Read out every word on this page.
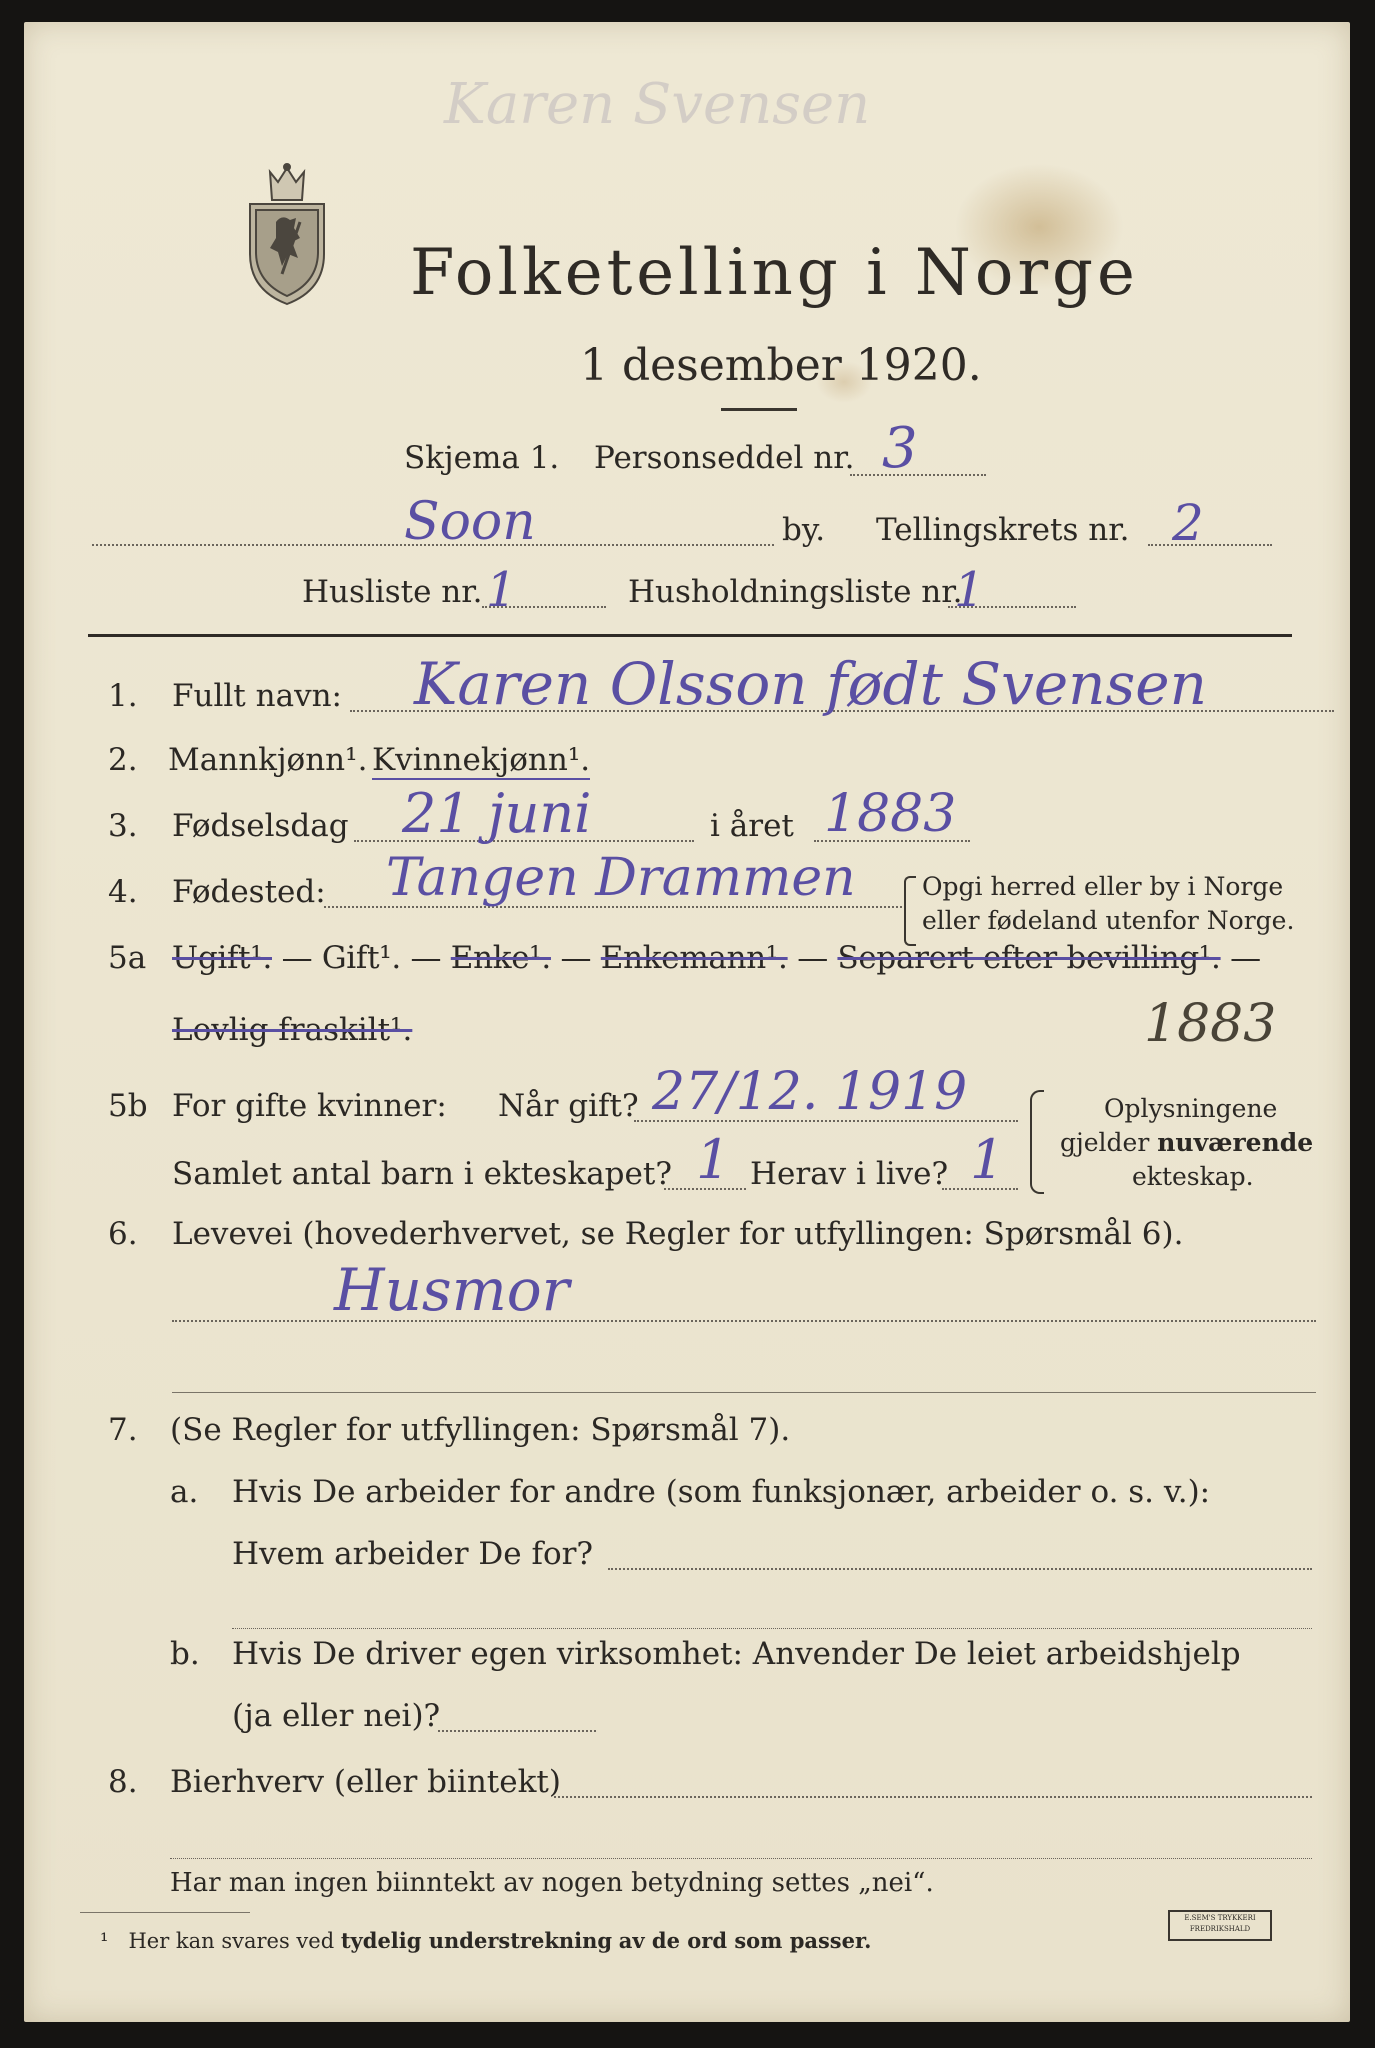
Karen Svensen
Folketelling i Norge
1 desember 1920.
Skjema 1. Personseddel nr. 3
Soon	by. Tellingskrets nr. 2
Husliste nr. 1	Husholdningsliste nr.
1
1. Fullt navn: Karen Olsson født Svensen
2. Mannkjønn¹. Kvinnekjønn¹.
3. Fødselsdag 21 juni	i året 1883
4. Fødested: Tangen Drammen	Opgi herred eller by i Norge
eller fødeland utenfor Norge.
5a Ugift¹. — Gift¹. — Enke¹. — Enkemann¹. — Separert efter bevilling¹. —
Lovlig fraskilt¹.	1883
5b For gifte kvinner: Når gift? 27/12. 1919
Samlet antal barn i ekteskapet? 1 Herav i live? 1
Oplysningene
gjelder nuværende
ekteskap.
6. Levevei (hovederhvervet, se Regler for utfyllingen: Spørsmål 6).
Husmor
7. (Se Regler for utfyllingen: Spørsmål 7).
a. Hvis De arbeider for andre (som funksjonær, arbeider o. s. v.):
Hvem arbeider De for?
b. Hvis De driver egen virksomhet: Anvender De leiet arbeidshjelp
(ja eller nei)?
8. Bierhverv (eller biintekt)
Har man ingen biinntekt av nogen betydning settes „nei“.
¹ Her kan svares ved tydelig understrekning av de ord som passer.
E.SEM'S TRYKKERI
FREDRIKSHALD
